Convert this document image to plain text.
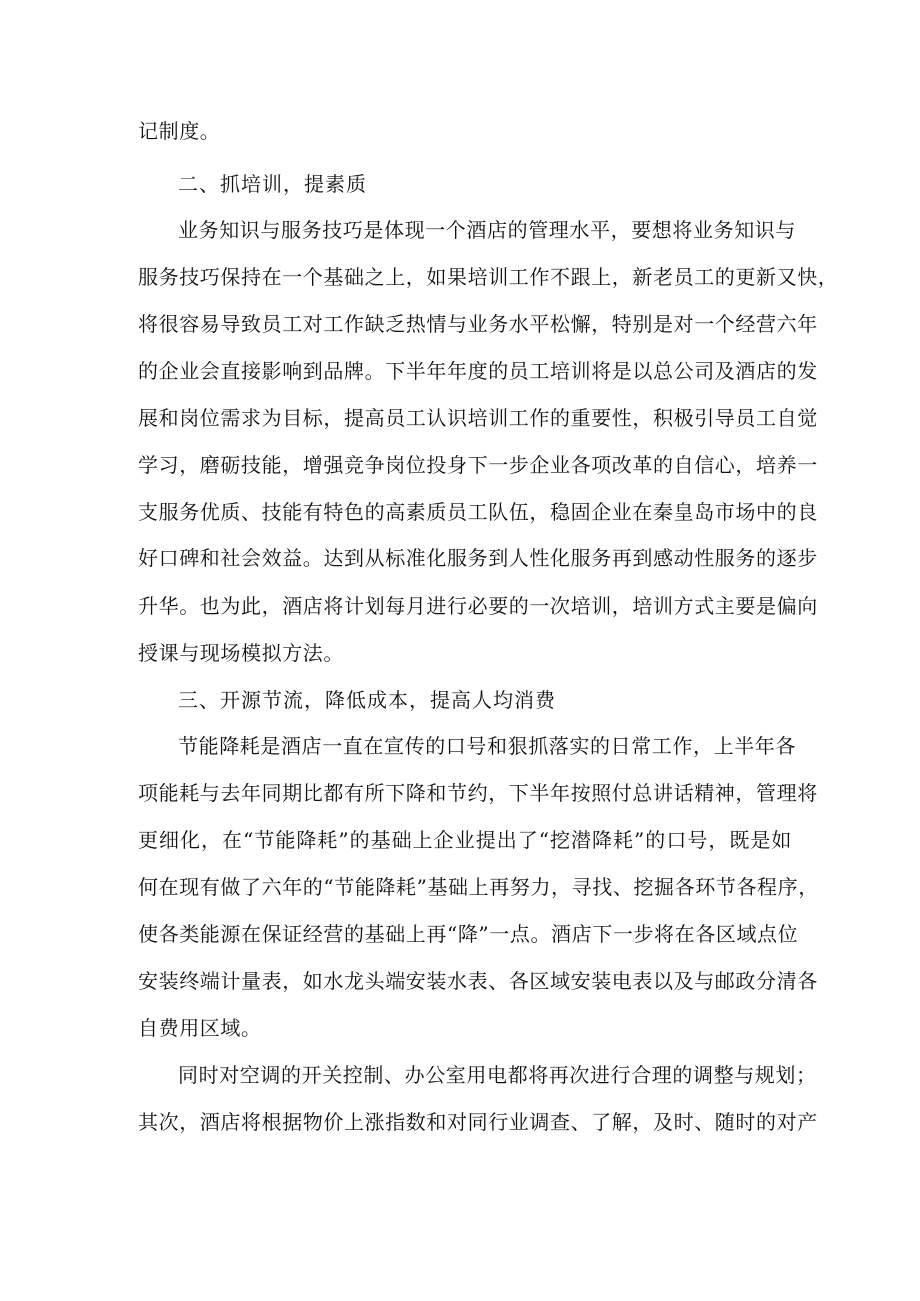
记制度。
二、抓培训，提素质
业务知识与服务技巧是体现一个酒店的管理水平，要想将业务知识与
服务技巧保持在一个基础之上，如果培训工作不跟上，新老员工的更新又快，
将很容易导致员工对工作缺乏热情与业务水平松懈，特别是对一个经营六年
的企业会直接影响到品牌。下半年年度的员工培训将是以总公司及酒店的发
展和岗位需求为目标，提高员工认识培训工作的重要性，积极引导员工自觉
学习，磨砺技能，增强竞争岗位投身下一步企业各项改革的自信心，培养一
支服务优质、技能有特色的高素质员工队伍，稳固企业在秦皇岛市场中的良
好口碑和社会效益。达到从标准化服务到人性化服务再到感动性服务的逐步
升华。也为此，酒店将计划每月进行必要的一次培训，培训方式主要是偏向
授课与现场模拟方法。
三、开源节流，降低成本，提高人均消费
节能降耗是酒店一直在宣传的口号和狠抓落实的日常工作，上半年各
项能耗与去年同期比都有所下降和节约，下半年按照付总讲话精神，管理将
更细化，在“节能降耗”的基础上企业提出了“挖潜降耗”的口号，既是如
何在现有做了六年的“节能降耗”基础上再努力，寻找、挖掘各环节各程序，
使各类能源在保证经营的基础上再“降”一点。酒店下一步将在各区域点位
安装终端计量表，如水龙头端安装水表、各区域安装电表以及与邮政分清各
自费用区域。
同时对空调的开关控制、办公室用电都将再次进行合理的调整与规划；
其次，酒店将根据物价上涨指数和对同行业调查、了解，及时、随时的对产
